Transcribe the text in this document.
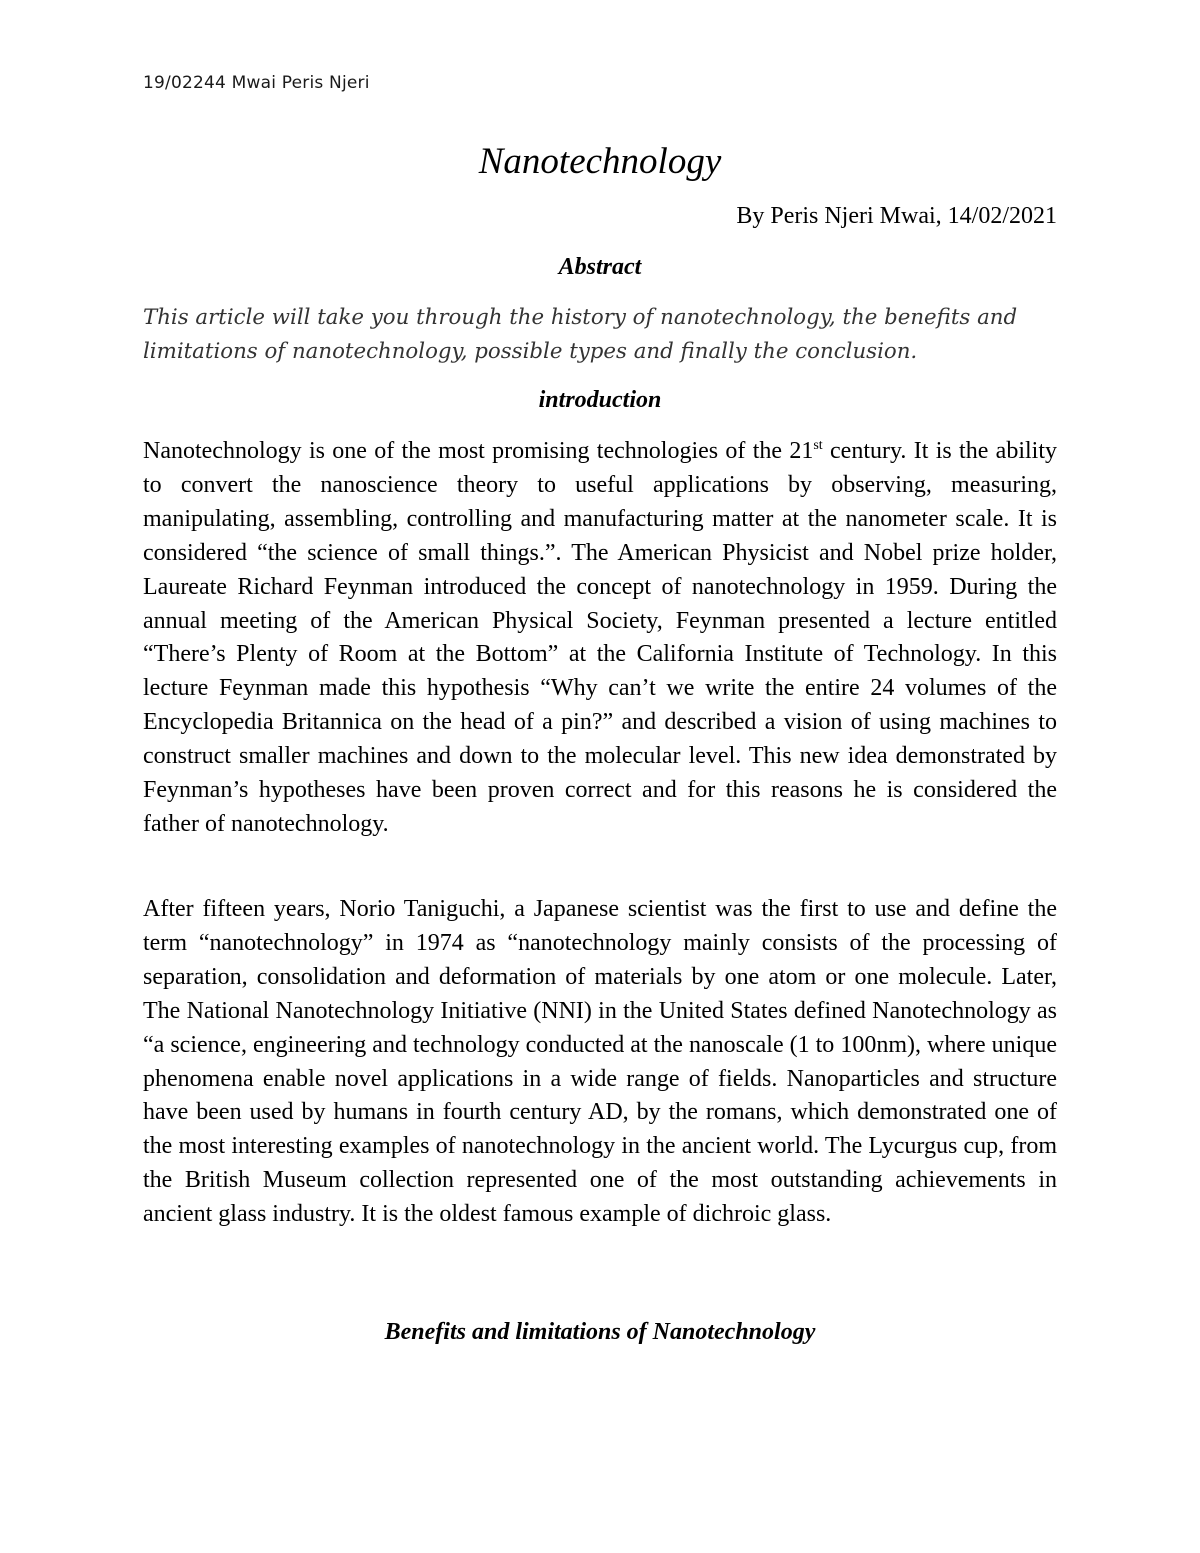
19/02244 Mwai Peris Njeri
Nanotechnology
By Peris Njeri Mwai, 14/02/2021
Abstract

This article will take you through the history of nanotechnology, the benefits and limitations of nanotechnology, possible types and finally the conclusion.

introduction

Nanotechnology is one of the most promising technologies of the 21st century. It is the ability to convert the nanoscience theory to useful applications by observing, measuring, manipulating, assembling, controlling and manufacturing matter at the nanometer scale. It is considered “the science of small things.”. The American Physicist and Nobel prize holder, Laureate Richard Feynman introduced the concept of nanotechnology in 1959. During the annual meeting of the American Physical Society, Feynman presented a lecture entitled “There’s Plenty of Room at the Bottom” at the California Institute of Technology. In this lecture Feynman made this hypothesis “Why can’t we write the entire 24 volumes of the Encyclopedia Britannica on the head of a pin?” and described a vision of using machines to construct smaller machines and down to the molecular level. This new idea demonstrated by Feynman’s hypotheses have been proven correct and for this reasons he is considered the father of nanotechnology.

After fifteen years, Norio Taniguchi, a Japanese scientist was the first to use and define the term “nanotechnology” in 1974 as “nanotechnology mainly consists of the processing of separation, consolidation and deformation of materials by one atom or one molecule. Later, The National Nanotechnology Initiative (NNI) in the United States defined Nanotechnology as “a science, engineering and technology conducted at the nanoscale (1 to 100nm), where unique phenomena enable novel applications in a wide range of fields. Nanoparticles and structure have been used by humans in fourth century AD, by the romans, which demonstrated one of the most interesting examples of nanotechnology in the ancient world. The Lycurgus cup, from the British Museum collection represented one of the most outstanding achievements in ancient glass industry. It is the oldest famous example of dichroic glass.

Benefits and limitations of Nanotechnology
